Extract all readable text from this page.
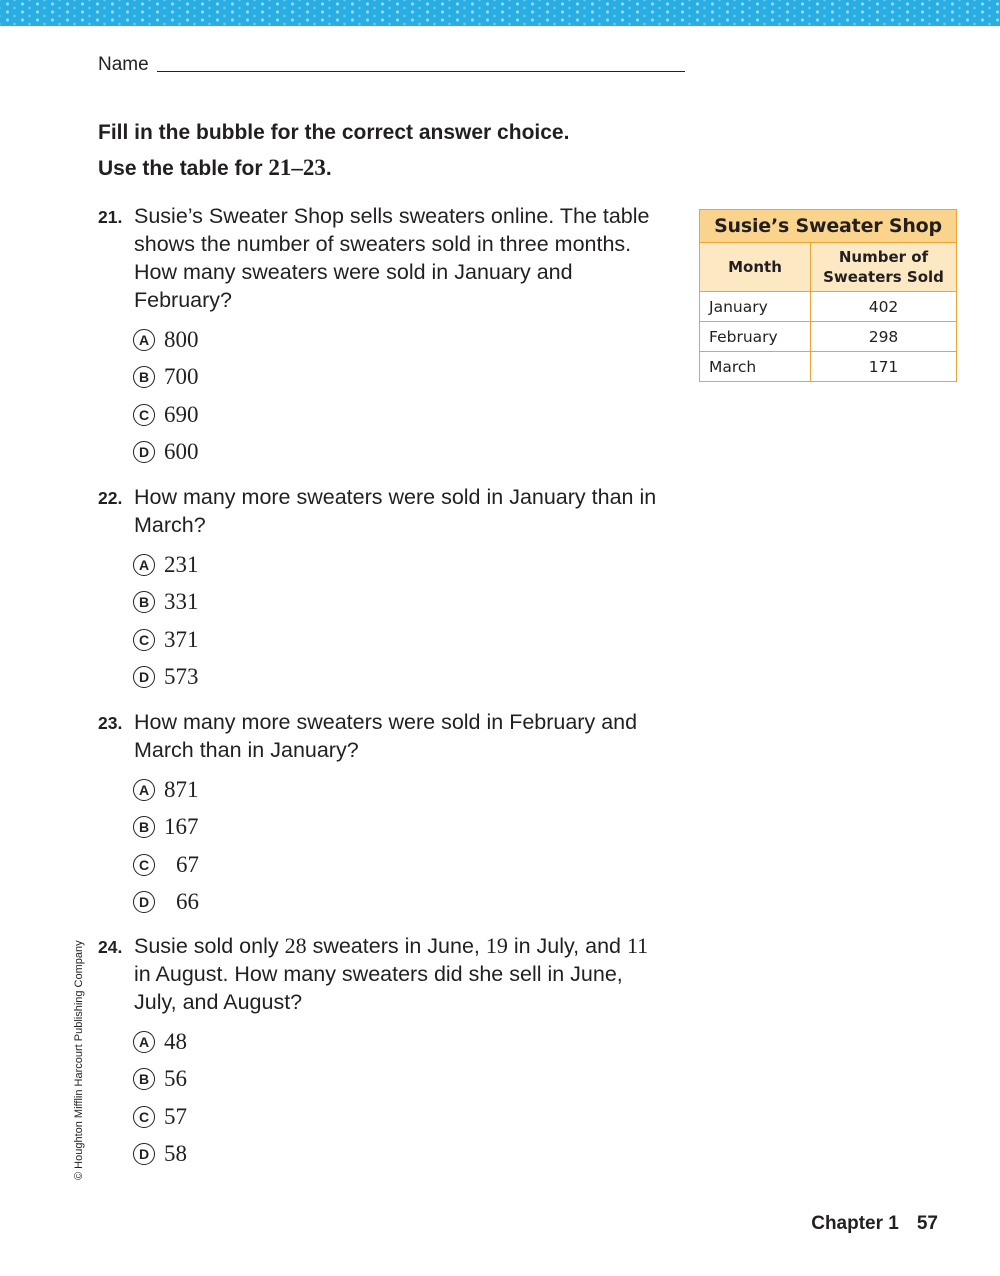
Name
Fill in the bubble for the correct answer choice.
Use the table for 21–23.
21. Susie’s Sweater Shop sells sweaters online. The table shows the number of sweaters sold in three months. How many sweaters were sold in January and February?
A 800
B 700
C 690
D 600
22. How many more sweaters were sold in January than in March?
A 231
B 331
C 371
D 573
23. How many more sweaters were sold in February and March than in January?
A 871
B 167
C	67
D	66
24. Susie sold only 28 sweaters in June, 19 in July, and 11 in August. How many sweaters did she sell in June, July, and August?
A 48
B 56
C 57
D 58
Susie’s Sweater Shop	
Month	Number of
Sweaters Sold
January	402
February	298
March	171
© Houghton Mifflin Harcourt Publishing Company
Chapter 1 57
